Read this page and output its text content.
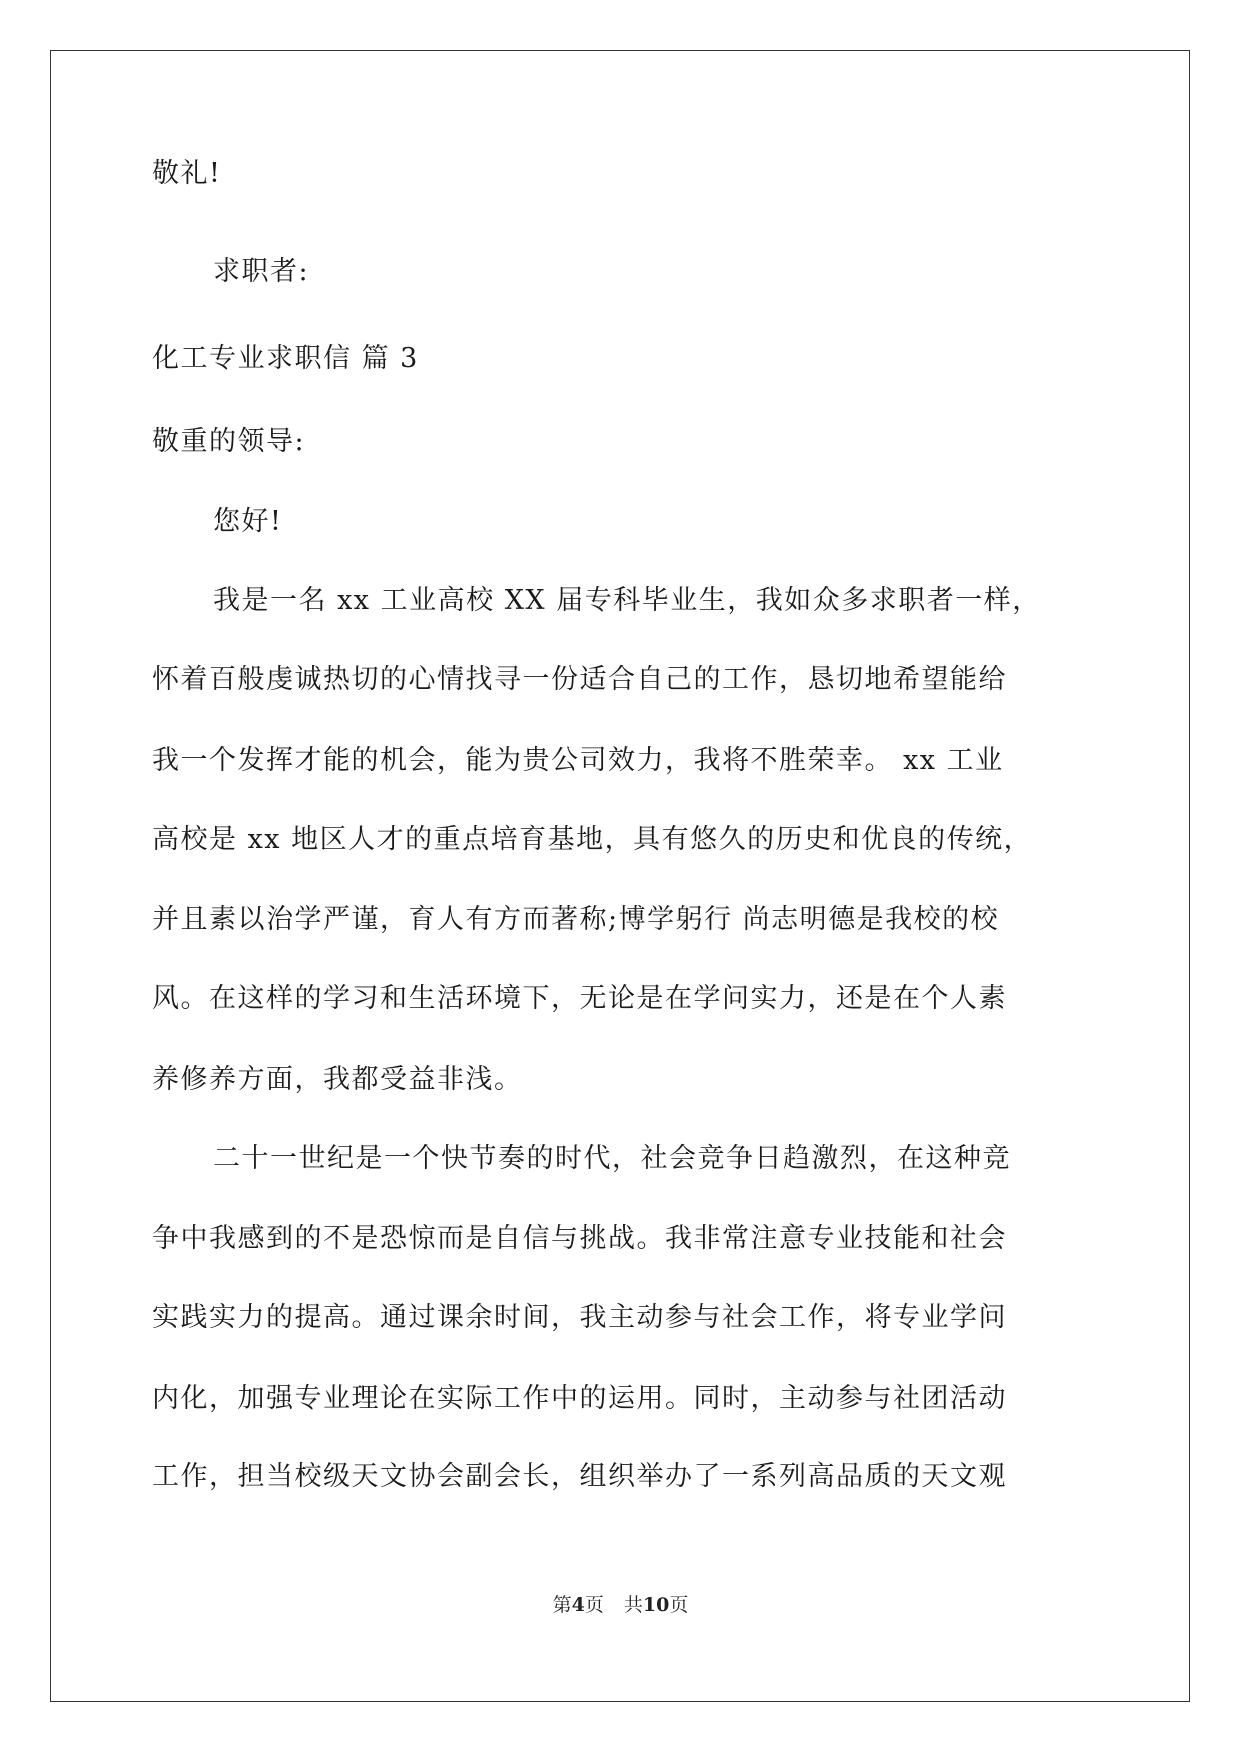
敬礼!
求职者:
化工专业求职信 篇 3
敬重的领导:
您好!
我是一名 xx 工业高校 XX 届专科毕业生，我如众多求职者一样，
怀着百般虔诚热切的心情找寻一份适合自己的工作，恳切地希望能给
我一个发挥才能的机会，能为贵公司效力，我将不胜荣幸。 xx 工业
高校是 xx 地区人才的重点培育基地，具有悠久的历史和优良的传统，
并且素以治学严谨，育人有方而著称;博学躬行 尚志明德是我校的校
风。在这样的学习和生活环境下，无论是在学问实力，还是在个人素
养修养方面，我都受益非浅。
二十一世纪是一个快节奏的时代，社会竞争日趋激烈，在这种竞
争中我感到的不是恐惊而是自信与挑战。我非常注意专业技能和社会
实践实力的提高。通过课余时间，我主动参与社会工作，将专业学问
内化，加强专业理论在实际工作中的运用。同时，主动参与社团活动
工作，担当校级天文协会副会长，组织举办了一系列高品质的天文观
第4页 共10页
